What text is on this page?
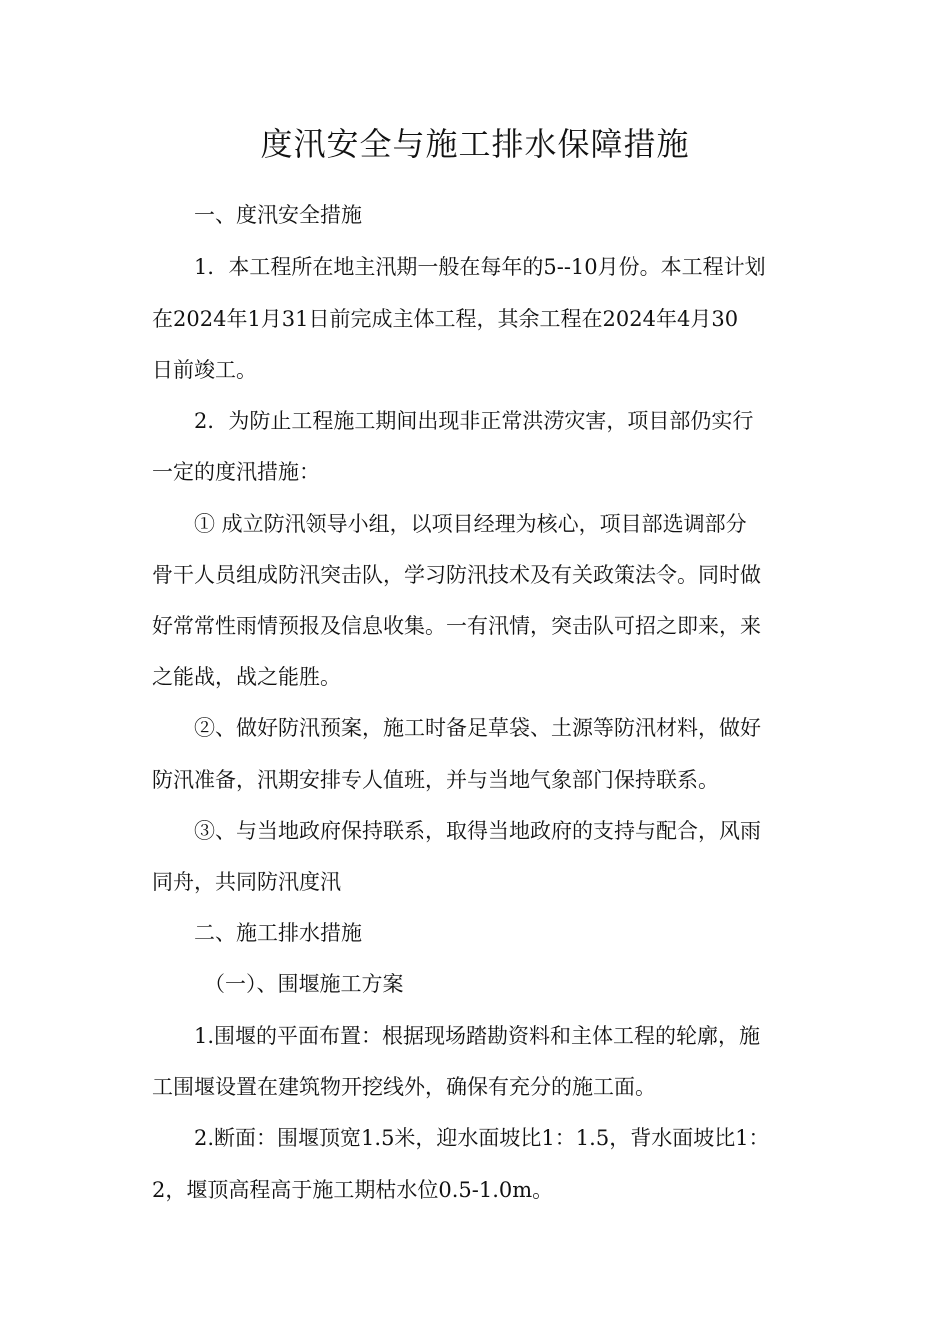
度汛安全与施工排水保障措施
一、度汛安全措施
1．本工程所在地主汛期一般在每年的5--10月份。本工程计划
在2024年1月31日前完成主体工程，其余工程在2024年4月30
日前竣工。
2．为防止工程施工期间出现非正常洪涝灾害，项目部仍实行
一定的度汛措施：
① 成立防汛领导小组，以项目经理为核心，项目部选调部分
骨干人员组成防汛突击队，学习防汛技术及有关政策法令。同时做
好常常性雨情预报及信息收集。一有汛情，突击队可招之即来，来
之能战，战之能胜。
②、做好防汛预案，施工时备足草袋、土源等防汛材料，做好
防汛准备，汛期安排专人值班，并与当地气象部门保持联系。
③、与当地政府保持联系，取得当地政府的支持与配合，风雨
同舟，共同防汛度汛
二、施工排水措施
（一）、围堰施工方案
1.围堰的平面布置：根据现场踏勘资料和主体工程的轮廓，施
工围堰设置在建筑物开挖线外，确保有充分的施工面。
2.断面：围堰顶宽1.5米，迎水面坡比1：1.5，背水面坡比1：
2，堰顶高程高于施工期枯水位0.5-1.0m。
